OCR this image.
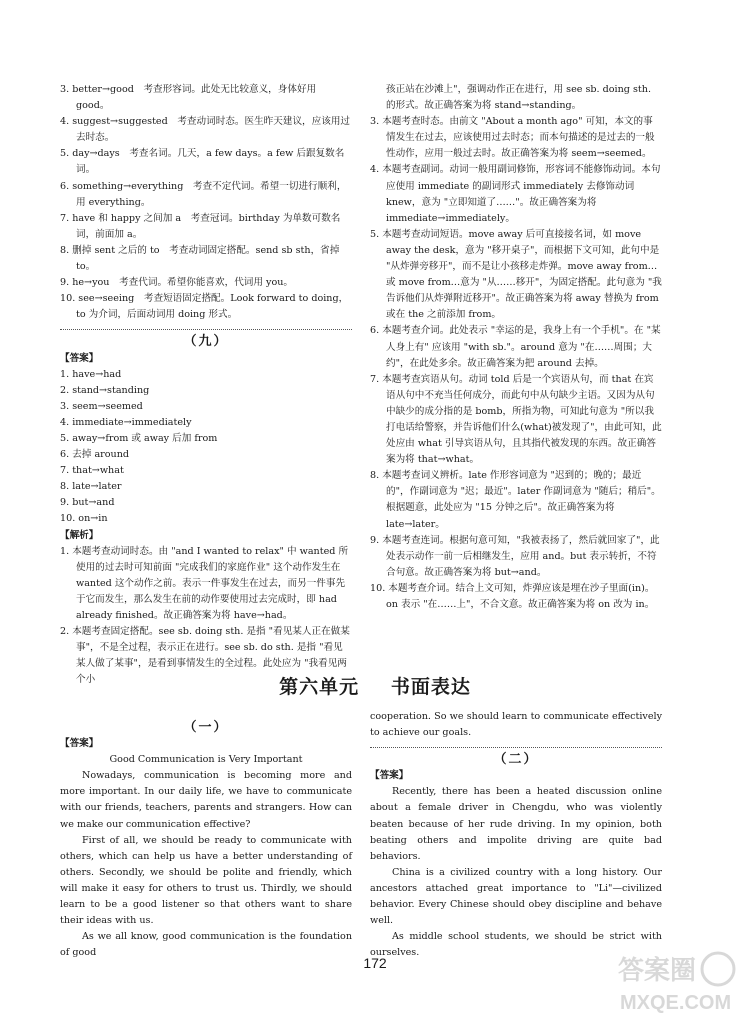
3. better→good　考查形容词。此处无比较意义，身体好用 good。

4. suggest→suggested　考查动词时态。医生昨天建议，应该用过去时态。

5. day→days　考查名词。几天，a few days。a few 后跟复数名词。

6. something→everything　考查不定代词。希望一切进行顺利，用 everything。

7. have 和 happy 之间加 a　考查冠词。birthday 为单数可数名词，前面加 a。

8. 删掉 sent 之后的 to　考查动词固定搭配。send sb sth，省掉 to。

9. he→you　考查代词。希望你能喜欢，代词用 you。

10. see→seeing　考查短语固定搭配。Look forward to doing，to 为介词，后面动词用 doing 形式。

（九）

【答案】

1. have→had

2. stand→standing

3. seem→seemed

4. immediate→immediately

5. away→from 或 away 后加 from

6. 去掉 around

7. that→what

8. late→later

9. but→and

10. on→in

【解析】

1. 本题考查动词时态。由 "and I wanted to relax" 中 wanted 所使用的过去时可知前面 "完成我们的家庭作业" 这个动作发生在 wanted 这个动作之前。表示一件事发生在过去，而另一件事先于它而发生，那么发生在前的动作要使用过去完成时，即 had already finished。故正确答案为将 have→had。

2. 本题考查固定搭配。see sb. doing sth. 是指 "看见某人正在做某事"，不是全过程，表示正在进行。see sb. do sth. 是指 "看见某人做了某事"，是看到事情发生的全过程。此处应为 "我看见两个小

孩正站在沙滩上"，强调动作正在进行，用 see sb. doing sth. 的形式。故正确答案为将 stand→standing。

3. 本题考查时态。由前文 "About a month ago" 可知，本文的事情发生在过去，应该使用过去时态；而本句描述的是过去的一般性动作，应用一般过去时。故正确答案为将 seem→seemed。

4. 本题考查副词。动词一般用副词修饰，形容词不能修饰动词。本句应使用 immediate 的副词形式 immediately 去修饰动词 knew，意为 "立即知道了……"。故正确答案为将 immediate→immediately。

5. 本题考查动词短语。move away 后可直接接名词，如 move away the desk，意为 "移开桌子"，而根据下文可知，此句中是 "从炸弹旁移开"，而不是让小孩移走炸弹。move away from…或 move from…意为 "从……移开"，为固定搭配。此句意为 "我告诉他们从炸弹附近移开"。故正确答案为将 away 替换为 from 或在 the 之前添加 from。

6. 本题考查介词。此处表示 "幸运的是，我身上有一个手机"。在 "某人身上有" 应该用 "with sb."。around 意为 "在……周围；大约"，在此处多余。故正确答案为把 around 去掉。

7. 本题考查宾语从句。动词 told 后是一个宾语从句，而 that 在宾语从句中不充当任何成分，而此句中从句缺少主语。又因为从句中缺少的成分指的是 bomb，所指为物，可知此句意为 "所以我打电话给警察，并告诉他们什么(what)被发现了"，由此可知，此处应由 what 引导宾语从句，且其指代被发现的东西。故正确答案为将 that→what。

8. 本题考查词义辨析。late 作形容词意为 "迟到的；晚的；最近的"，作副词意为 "迟；最近"。later 作副词意为 "随后；稍后"。根据题意，此处应为 "15 分钟之后"。故正确答案为将 late→later。

9. 本题考查连词。根据句意可知，"我被表扬了，然后就回家了"，此处表示动作一前一后相继发生，应用 and。but 表示转折，不符合句意。故正确答案为将 but→and。

10. 本题考查介词。结合上文可知，炸弹应该是埋在沙子里面(in)。on 表示 "在……上"，不合文意。故正确答案为将 on 改为 in。

第六单元 书面表达

（一）

【答案】

Good Communication is Very Important

Nowadays, communication is becoming more and more important. In our daily life, we have to communicate with our friends, teachers, parents and strangers. How can we make our communication effective?

First of all, we should be ready to communicate with others, which can help us have a better understanding of others. Secondly, we should be polite and friendly, which will make it easy for others to trust us. Thirdly, we should learn to be a good listener so that others want to share their ideas with us.

As we all know, good communication is the foundation of good

cooperation. So we should learn to communicate effectively to achieve our goals.

（二）

【答案】

Recently, there has been a heated discussion online about a female driver in Chengdu, who was violently beaten because of her rude driving. In my opinion, both beating others and impolite driving are quite bad behaviors.

China is a civilized country with a long history. Our ancestors attached great importance to "Li"—civilized behavior. Every Chinese should obey discipline and behave well.

As middle school students, we should be strict with ourselves.

172	答案圈
MXQE.COM
